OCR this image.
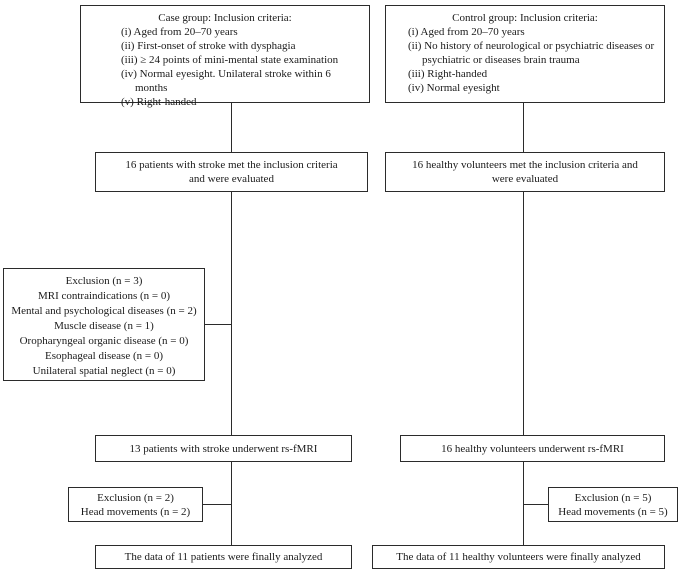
Case group: Inclusion criteria:
(i) Aged from 20–70 years
(ii) First-onset of stroke with dysphagia
(iii) ≥ 24 points of mini-mental state examination
(iv) Normal eyesight. Unilateral stroke within 6 months
(v) Right-handed
Control group: Inclusion criteria:
(i) Aged from 20–70 years
(ii) No history of neurological or psychiatric diseases or psychiatric or diseases brain trauma
(iii) Right-handed
(iv) Normal eyesight
16 patients with stroke met the inclusion criteria and were evaluated
16 healthy volunteers met the inclusion criteria and were evaluated
Exclusion (n = 3)
MRI contraindications (n = 0)
Mental and psychological diseases (n = 2)
Muscle disease (n = 1)
Oropharyngeal organic disease (n = 0)
Esophageal disease (n = 0)
Unilateral spatial neglect (n = 0)
13 patients with stroke underwent rs-fMRI	16 healthy volunteers underwent rs-fMRI
Exclusion (n = 2)
Head movements (n = 2)
Exclusion (n = 5)
Head movements (n = 5)
The data of 11 patients were finally analyzed	The data of 11 healthy volunteers were finally analyzed
